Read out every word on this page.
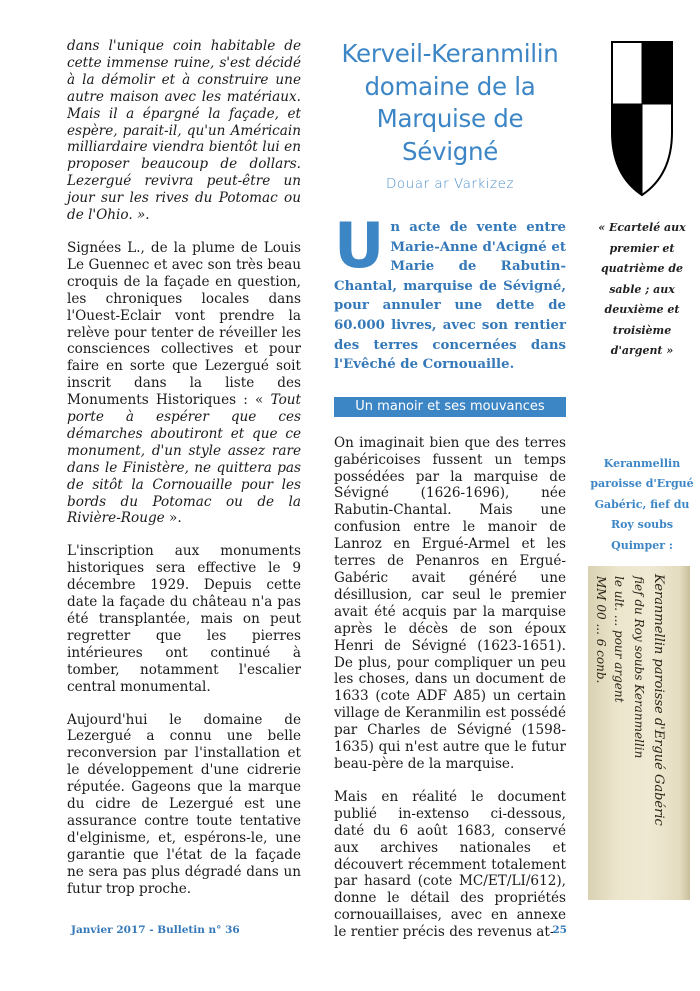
dans l'unique coin habitable de cette immense ruine, s'est décidé à la démolir et à construire une autre maison avec les matériaux. Mais il a épargné la façade, et espère, parait-il, qu'un Américain milliardaire viendra bientôt lui en proposer beaucoup de dollars. Lezergué revivra peut-être un jour sur les rives du Potomac ou de l'Ohio. ».

Signées L., de la plume de Louis Le Guennec et avec son très beau croquis de la façade en question, les chroniques locales dans l'Ouest-Eclair vont prendre la relève pour tenter de réveiller les consciences collectives et pour faire en sorte que Lezergué soit inscrit dans la liste des Monuments Historiques : « Tout porte à espérer que ces démarches aboutiront et que ce monument, d'un style assez rare dans le Finistère, ne quittera pas de sitôt la Cornouaille pour les bords du Potomac ou de la Rivière-Rouge ».

L'inscription aux monuments historiques sera effective le 9 décembre 1929. Depuis cette date la façade du château n'a pas été transplantée, mais on peut regretter que les pierres intérieures ont continué à tomber, notamment l'escalier central monumental.

Aujourd'hui le domaine de Lezergué a connu une belle reconversion par l'installation et le développement d'une cidrerie réputée. Gageons que la marque du cidre de Lezergué est une assurance contre toute tentative d'elginisme, et, espérons-le, une garantie que l'état de la façade ne sera pas plus dégradé dans un futur trop proche.

Kerveil-Keranmilin domaine de la Marquise de Sévigné
Douar ar Varkizez
Un acte de vente entre Marie-Anne d'Acigné et Marie de Rabutin-Chantal, marquise de Sévigné, pour annuler une dette de 60.000 livres, avec son rentier des terres concernées dans l'Evêché de Cornouaille.
Un manoir et ses mouvances

On imaginait bien que des terres gabéricoises fussent un temps possédées par la marquise de Sévigné (1626-1696), née Rabutin-Chantal. Mais une confusion entre le manoir de Lanroz en Ergué-Armel et les terres de Penanros en Ergué-Gabéric avait généré une désillusion, car seul le premier avait été acquis par la marquise après le décès de son époux Henri de Sévigné (1623-1651). De plus, pour compliquer un peu les choses, dans un document de 1633 (cote ADF A85) un certain village de Keranmilin est possédé par Charles de Sévigné (1598-1635) qui n'est autre que le futur beau-père de la marquise.

Mais en réalité le document publié in-extenso ci-dessous, daté du 6 août 1683, conservé aux archives nationales et découvert récemment totalement par hasard (cote MC/ET/LI/612), donne le détail des propriétés cornouaillaises, avec en annexe le rentier précis des revenus at-

« Ecartelé aux premier et quatrième de sable ; aux deuxième et troisième d'argent »
Keranmellin paroisse d'Ergué Gabéric, fief du Roy soubs Quimper :
Keranmellin paroisse d'Ergué Gabéric
fief du Roy soubs Keranmellin
le ult. ... pour argent
MM 00 ... 6 conb.
Janvier 2017 - Bulletin n° 36	25
